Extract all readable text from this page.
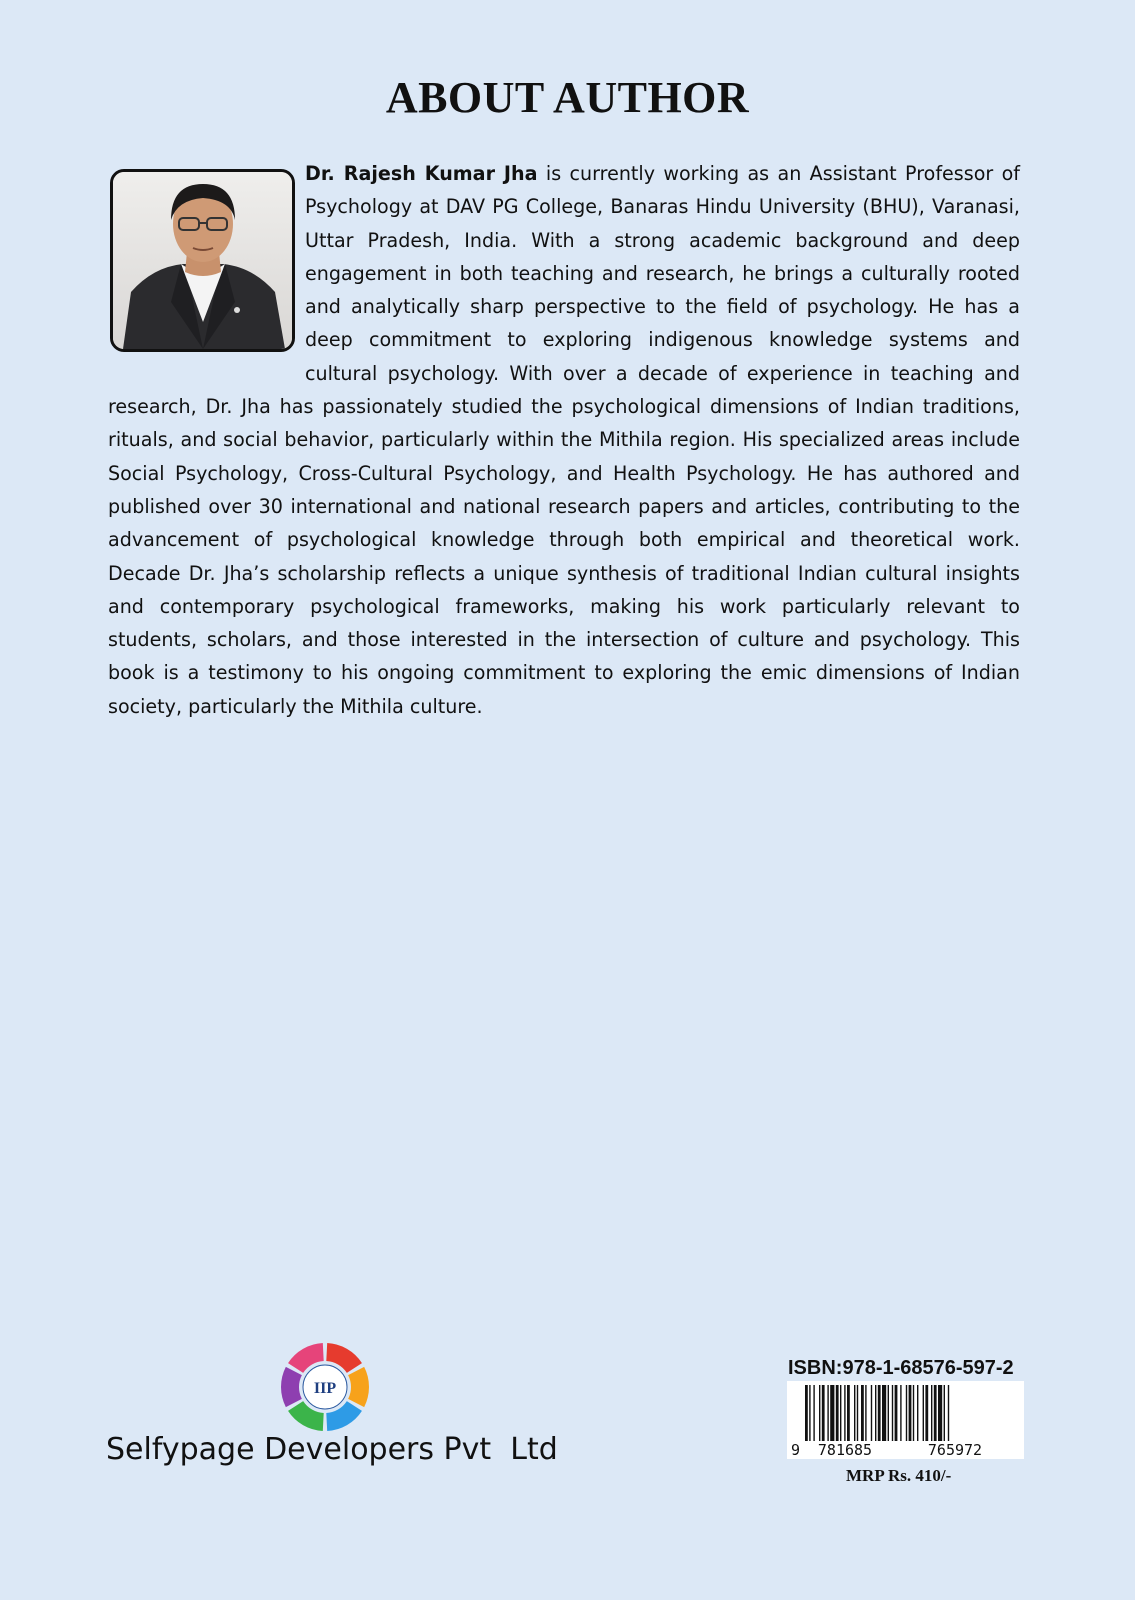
ABOUT AUTHOR
Dr. Rajesh Kumar Jha is currently working as an Assistant Professor of Psychology at DAV PG College, Banaras Hindu University (BHU), Varanasi, Uttar Pradesh, India. With a strong academic background and deep engagement in both teaching and research, he brings a culturally rooted and analytically sharp perspective to the field of psychology. He has a deep commitment to exploring indigenous knowledge systems and cultural psychology. With over a decade of experience in teaching and research, Dr. Jha has passionately studied the psychological dimensions of Indian traditions, rituals, and social behavior, particularly within the Mithila region. His specialized areas include Social Psychology, Cross-Cultural Psychology, and Health Psychology. He has authored and published over 30 international and national research papers and articles, contributing to the advancement of psychological knowledge through both empirical and theoretical work. Decade Dr. Jha’s scholarship reflects a unique synthesis of traditional Indian cultural insights and contemporary psychological frameworks, making his work particularly relevant to students, scholars, and those interested in the intersection of culture and psychology. This book is a testimony to his ongoing commitment to exploring the emic dimensions of Indian society, particularly the Mithila culture.
IIP
Selfypage Developers Pvt  Ltd
ISBN:978-1-68576-597-2
9 781685	765972
MRP Rs. 410/-
